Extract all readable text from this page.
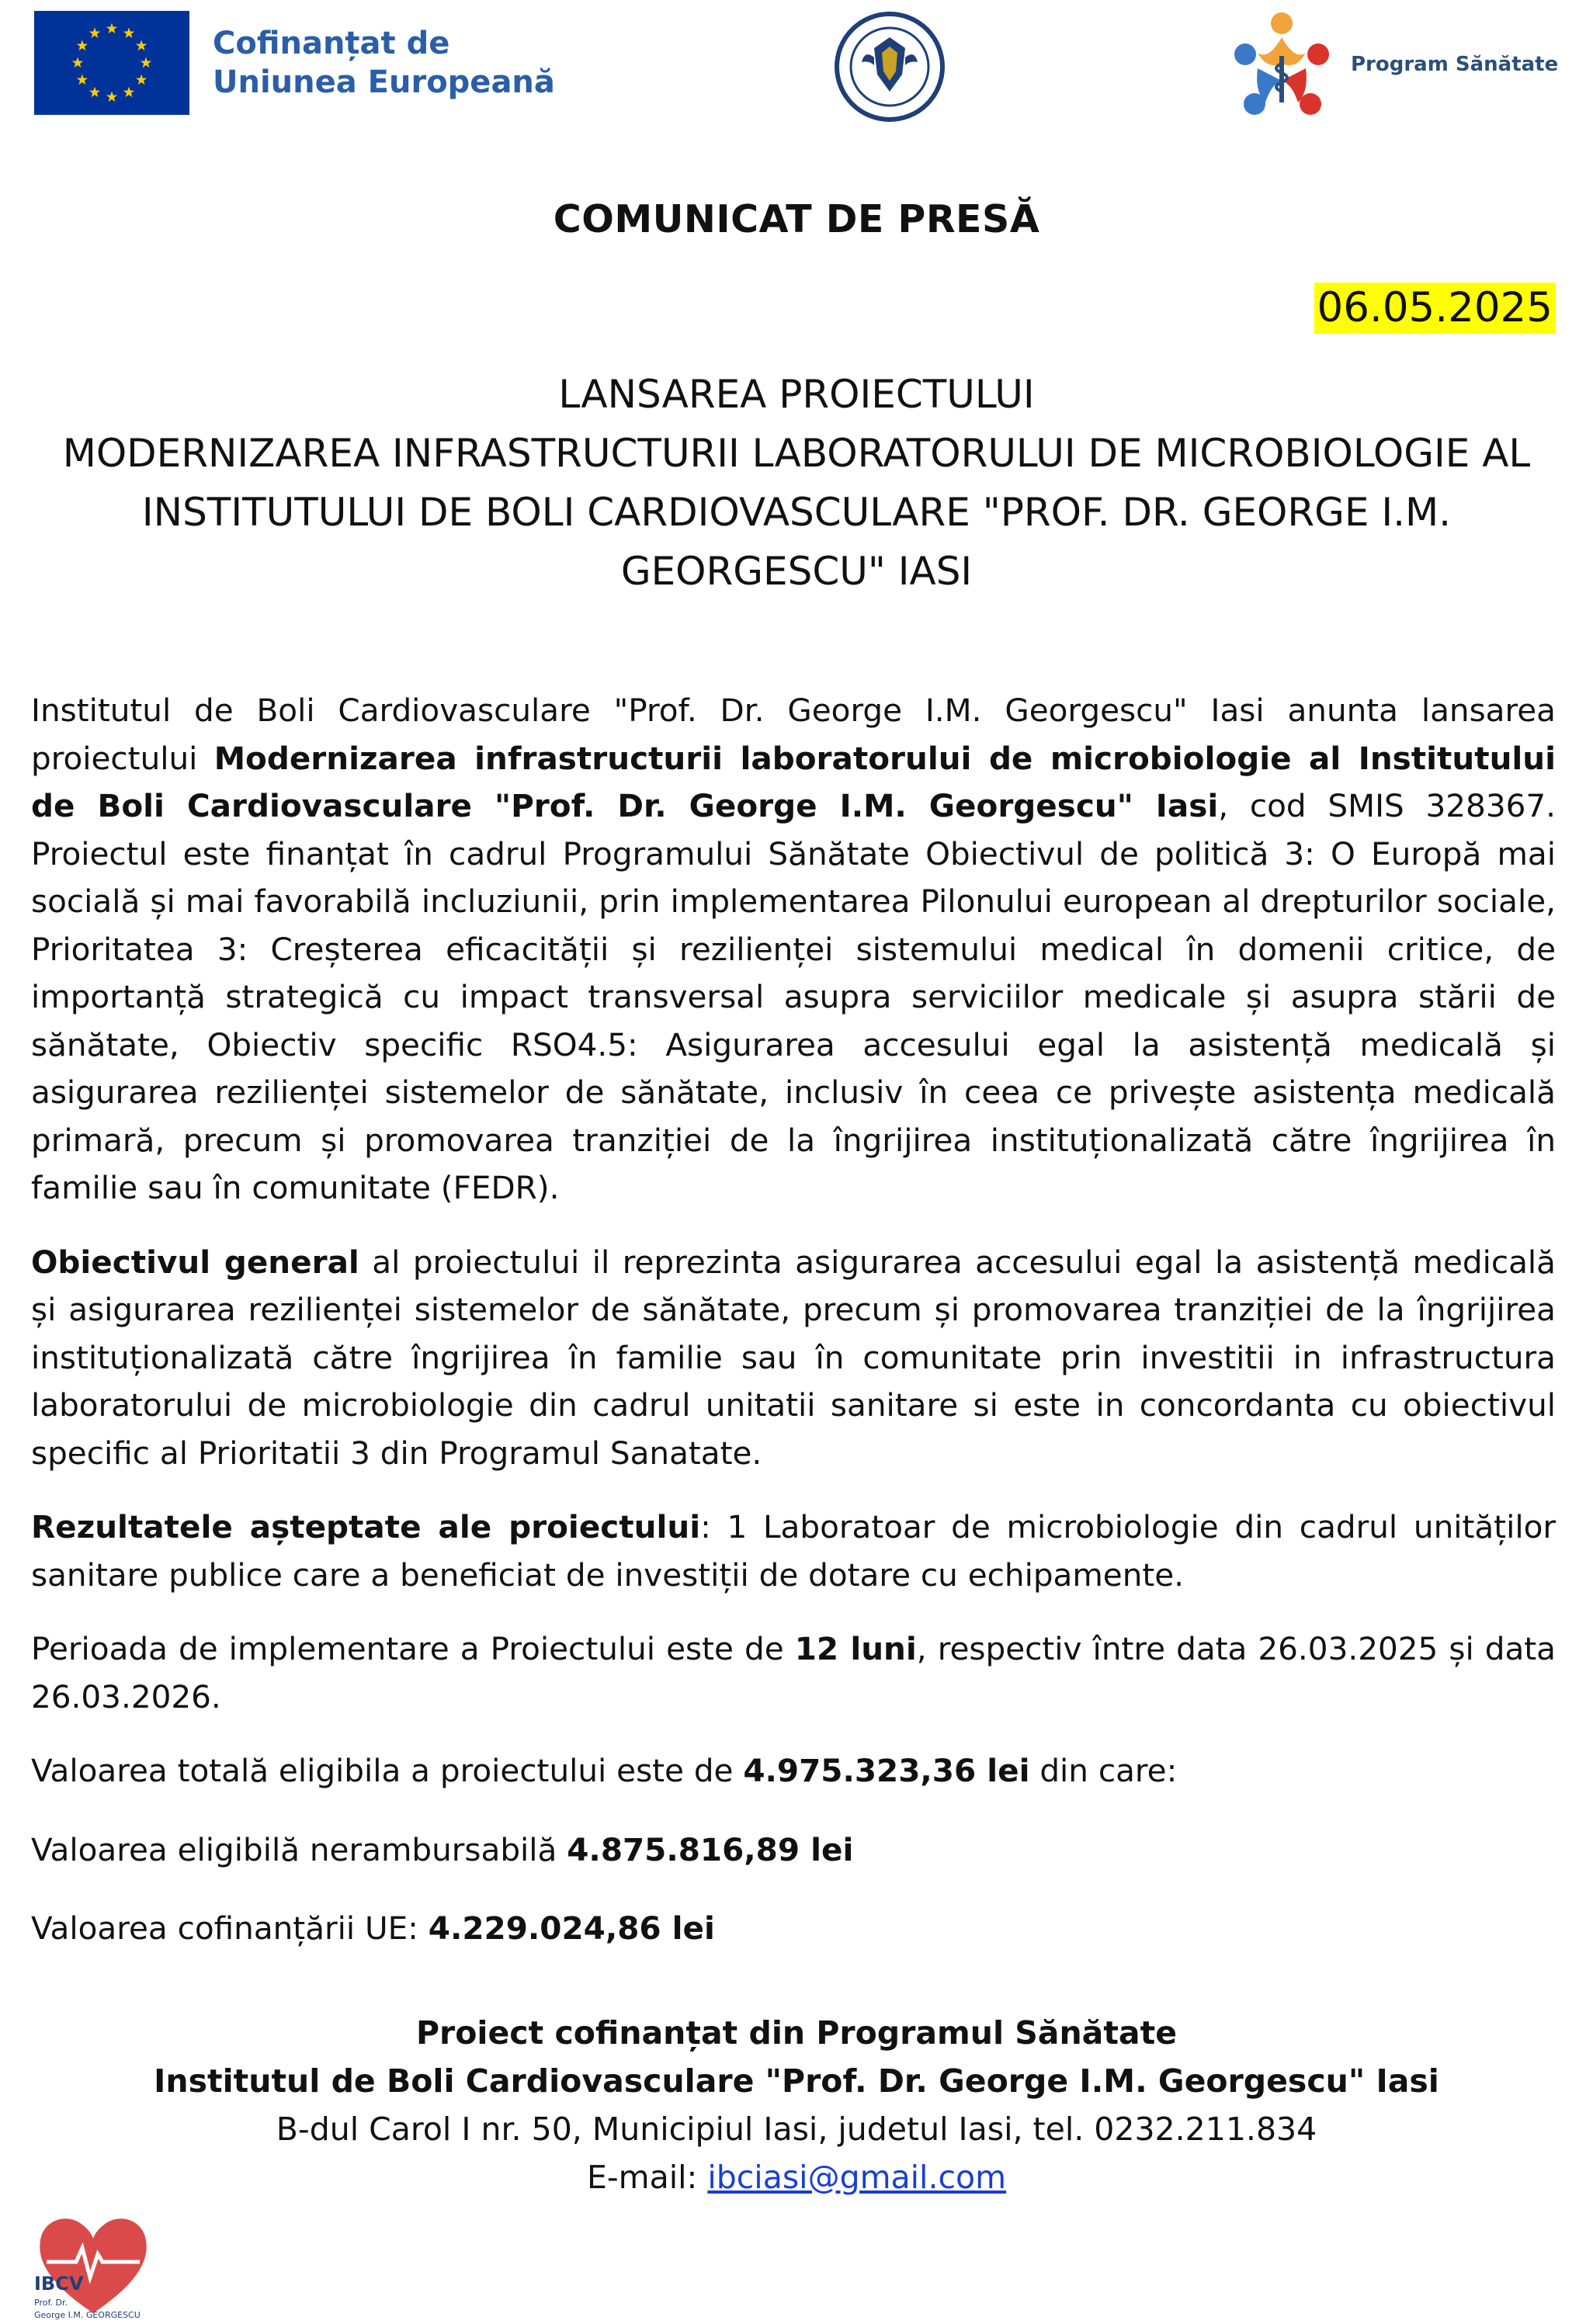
Cofinanțat de
Uniunea Europeană	Program Sănătate
COMUNICAT DE PRESĂ
06.05.2025
LANSAREA PROIECTULUI
MODERNIZAREA INFRASTRUCTURII LABORATORULUI DE MICROBIOLOGIE AL
INSTITUTULUI DE BOLI CARDIOVASCULARE "PROF. DR. GEORGE I.M.
GEORGESCU" IASI

Institutul de Boli Cardiovasculare "Prof. Dr. George I.M. Georgescu" Iasi anunta lansarea proiectului Modernizarea infrastructurii laboratorului de microbiologie al Institutului de Boli Cardiovasculare "Prof. Dr. George I.M. Georgescu" Iasi, cod SMIS 328367. Proiectul este finanțat în cadrul Programului Sănătate Obiectivul de politică 3: O Europă mai socială și mai favorabilă incluziunii, prin implementarea Pilonului european al drepturilor sociale, Prioritatea 3: Creșterea eficacității și rezilienței sistemului medical în domenii critice, de importanță strategică cu impact transversal asupra serviciilor medicale și asupra stării de sănătate, Obiectiv specific RSO4.5: Asigurarea accesului egal la asistență medicală și asigurarea rezilienței sistemelor de sănătate, inclusiv în ceea ce privește asistența medicală primară, precum și promovarea tranziției de la îngrijirea instituționalizată către îngrijirea în familie sau în comunitate (FEDR).

Obiectivul general al proiectului il reprezinta asigurarea accesului egal la asistență medicală și asigurarea rezilienței sistemelor de sănătate, precum și promovarea tranziției de la îngrijirea instituționalizată către îngrijirea în familie sau în comunitate prin investitii in infrastructura laboratorului de microbiologie din cadrul unitatii sanitare si este in concordanta cu obiectivul specific al Prioritatii 3 din Programul Sanatate.

Rezultatele așteptate ale proiectului: 1 Laboratoar de microbiologie din cadrul unităților sanitare publice care a beneficiat de investiții de dotare cu echipamente.

Perioada de implementare a Proiectului este de 12 luni, respectiv între data 26.03.2025 și data 26.03.2026.

Valoarea totală eligibila a proiectului este de 4.975.323,36 lei din care:

Valoarea eligibilă nerambursabilă 4.875.816,89 lei

Valoarea cofinanțării UE: 4.229.024,86 lei

Proiect cofinanțat din Programul Sănătate
Institutul de Boli Cardiovasculare "Prof. Dr. George I.M. Georgescu" Iasi
B-dul Carol I nr. 50, Municipiul Iasi, judetul Iasi, tel. 0232.211.834
E-mail: ibciasi@gmail.com
IBCV
Prof. Dr.
George I.M. GEORGESCU
